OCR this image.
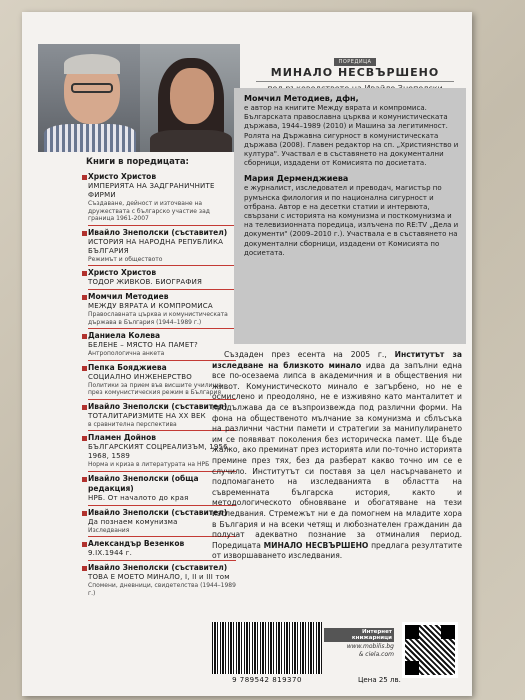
ПОРЕДИЦА
МИНАЛО НЕСВЪРШЕНО
Книги в поредицата:
Христо Христов
ИМПЕРИЯТА НА ЗАДГРАНИЧНИТЕ ФИРМИ
Създаване, дейност и източване на дружествата с българско участие зад граница 1961-2007
Ивайло Знеполски (съставител)
ИСТОРИЯ НА НАРОДНА РЕПУБЛИКА БЪЛГАРИЯ
Режимът и обществото
Христо Христов
ТОДОР ЖИВКОВ. БИОГРАФИЯ
Момчил Методиев
МЕЖДУ ВЯРАТА И КОМПРОМИСА
Православната църква и комунистическата държава в България (1944–1989 г.)
Даниела Колева
БЕЛЕНЕ – МЯСТО НА ПАМЕТ?
Антропологична анкета
Пепка Бояджиева
СОЦИАЛНО ИНЖЕНЕРСТВО
Политики за прием във висшите училища през комунистическия режим в България
Ивайло Знеполски (съставител)
ТОТАЛИТАРИЗМИТЕ НА XX ВЕК
в сравнителна перспектива
Пламен Дойнов
БЪЛГАРСКИЯТ СОЦРЕАЛИЗЪМ, 1956, 1968, 1589
Норма и криза в литературата на НРБ
Ивайло Знеполски (обща редакция)
НРБ. От началото до края
Ивайло Знеполски (съставител)
Да познаем комунизма
Изследвания
Александър Везенков
9.IX.1944 г.
Ивайло Знеполски (съставител)
ТОВА Е МОЕТО МИНАЛО, I, II и III том
Спомени, дневници, свидетелства (1944–1989 г.)
Момчил Методиев, дфн,
е автор на книгите Между вярата и компромиса. Българската православна църква и комунистическата държава, 1944–1989 (2010) и Машина за легитимност. Ролята на Държавна сигурност в комунистическата държава (2008). Главен редактор на сп. „Християнство и култура". Участвал е в съставянето на документални сборници, издадени от Комисията по досиетата.
Мария Дерменджиева
е журналист, изследовател и преводач, магистър по румънска филология и по национална сигурност и отбрана. Автор е на десетки статии и интервюта, свързани с историята на комунизма и посткомунизма и на телевизионната поредица, излъчена по RE:TV „Дела и документи" (2009–2010 г.). Участвала е в съставянето на документални сборници, издадени от Комисията по досиетата.
Създаден през есента на 2005 г., Институтът за изследване на близкото минало идва да запълни една все по-осезаема липса в академичния и в обществения ни живот. Комунистическото минало е загърбено, но не е осмислено и преодоляно, не е изживяно като манталитет и продължава да се възпроизвежда под различни форми. На фона на общественото мълчание за комунизма и сблъсъка на различни частни памети и стратегии за манипулирането им се появяват поколения без историческа памет. Ще бъде жалко, ако преминат през историята или по-точно историята премине през тях, без да разберат какво точно им се е случило. Институтът си поставя за цел насърчаването и подпомагането на изследванията в областта на съвременната българска история, както и методологическото обновяване и обогатяване на тези изследвания. Стремежът ни е да помогнем на младите хора в България и на всеки четящ и любознателен гражданин да получат адекватно познание за отминалия период. Поредицата МИНАЛО НЕСВЪРШЕНО предлага резултатите от изворшаването изследвания.
9 789542 819370
Интернет книжарници
www.mobilis.bg
& ciela.com
Цена 25 лв.
